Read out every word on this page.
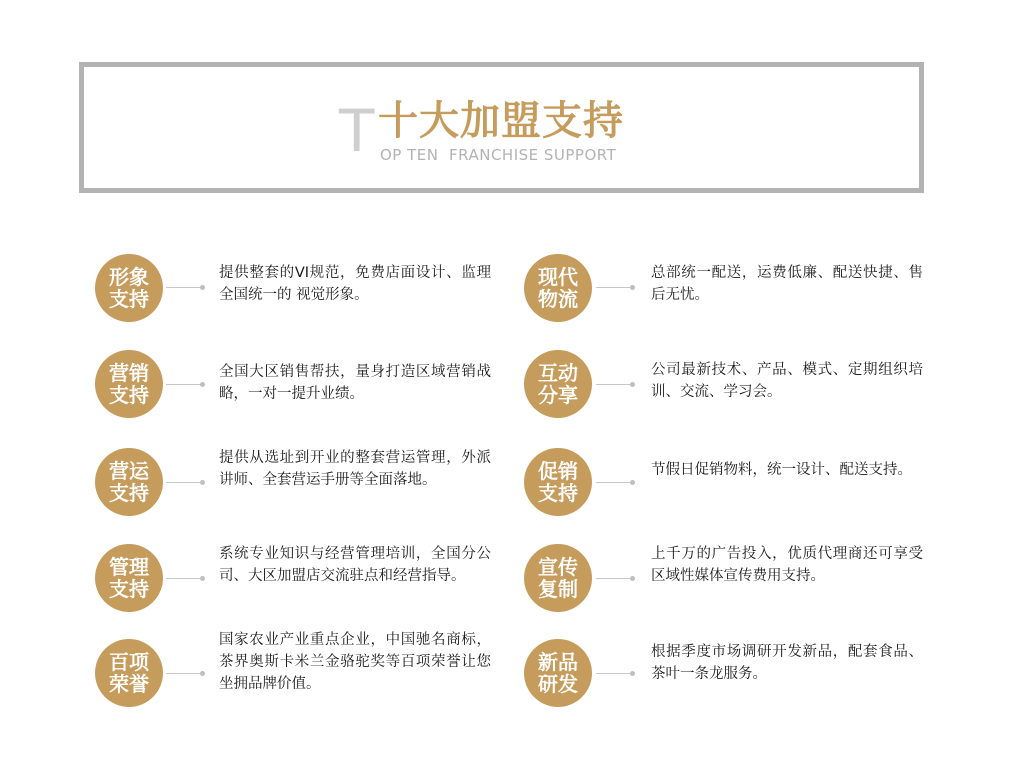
T 十大加盟支持
OP TEN  FRANCHISE SUPPORT
形象
支持
提供整套的VI规范，免费店面设计、监理全国统一的 视觉形象。
营销
支持
全国大区销售帮扶，量身打造区域营销战略，一对一提升业绩。
营运
支持
提供从选址到开业的整套营运管理，外派讲师、全套营运手册等全面落地。
管理
支持
系统专业知识与经营管理培训，全国分公司、大区加盟店交流驻点和经营指导。
百项
荣誉
国家农业产业重点企业，中国驰名商标，茶界奥斯卡米兰金骆驼奖等百项荣誉让您坐拥品牌价值。
现代
物流
总部统一配送，运费低廉、配送快捷、售后无忧。
互动
分享
公司最新技术、产品、模式、定期组织培训、交流、学习会。
促销
支持
节假日促销物料，统一设计、配送支持。
宣传
复制
上千万的广告投入，优质代理商还可享受区域性媒体宣传费用支持。
新品
研发
根据季度市场调研开发新品，配套食品、茶叶一条龙服务。
